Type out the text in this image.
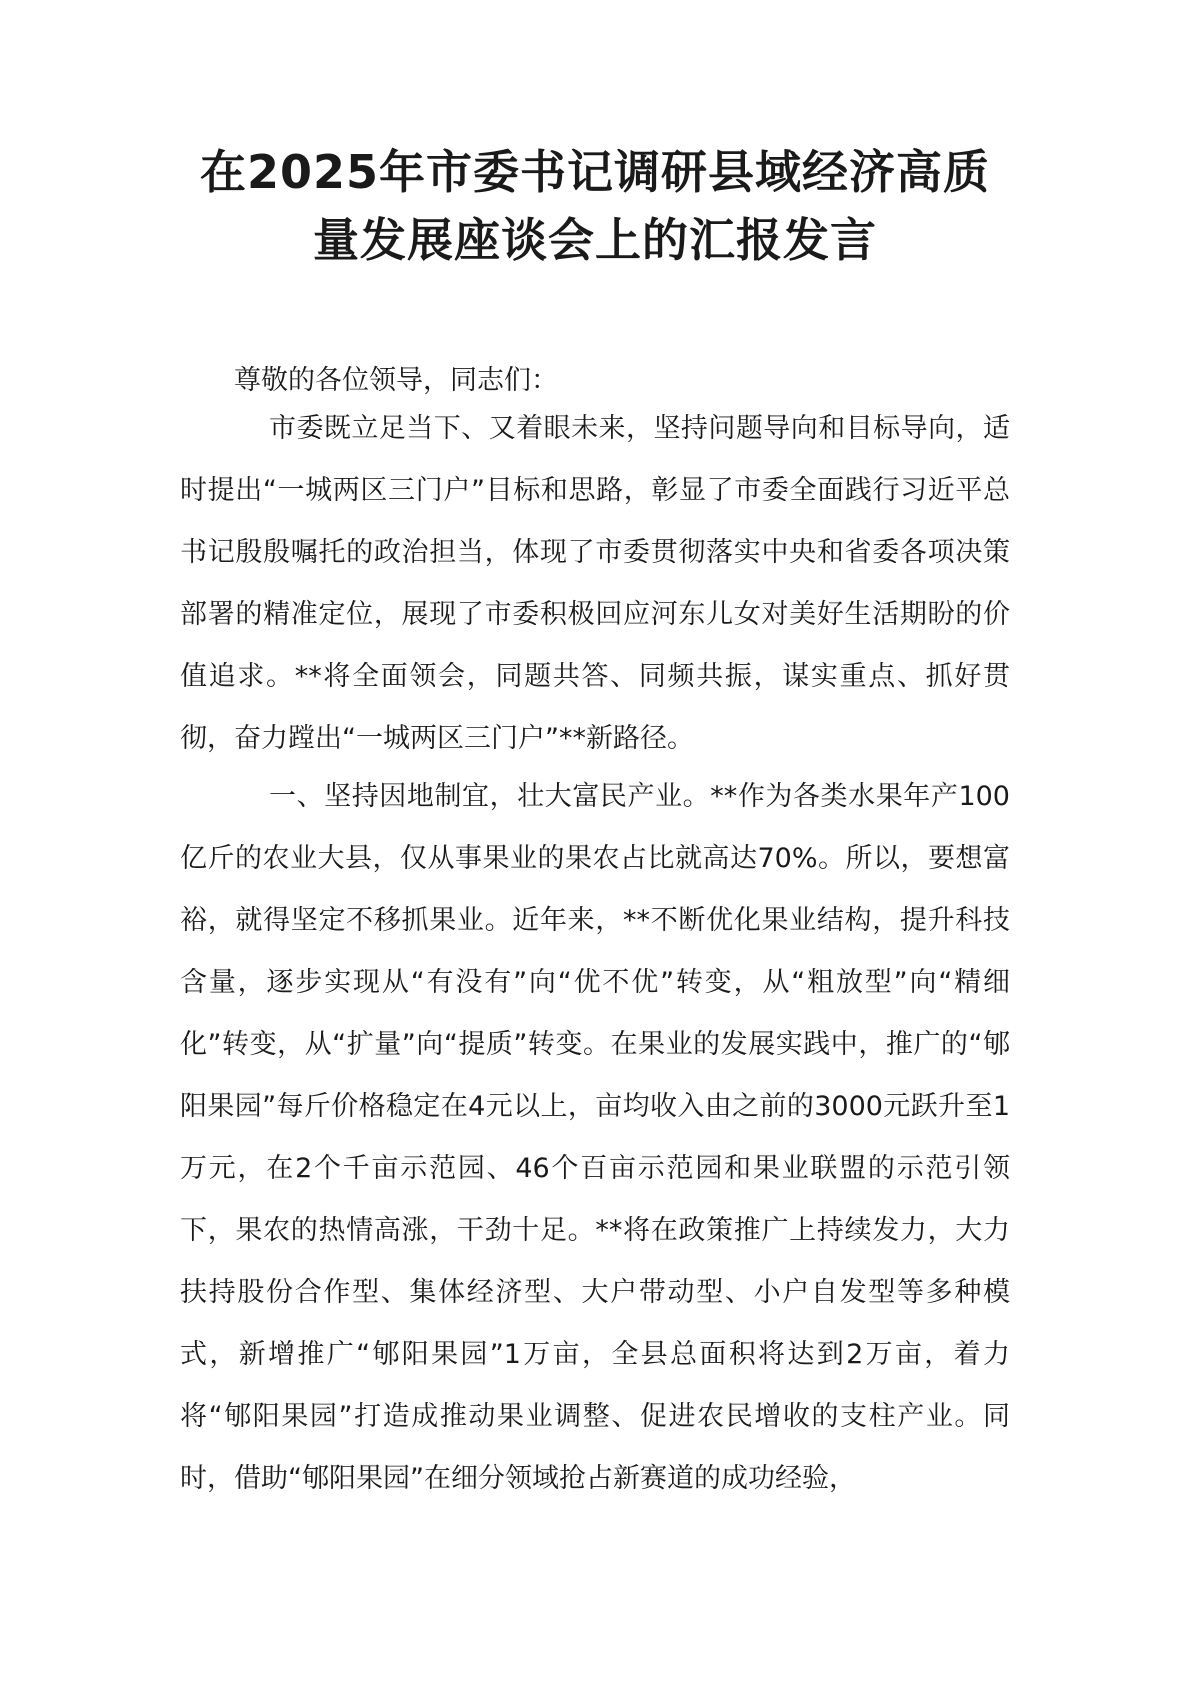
在2025年市委书记调研县域经济高质量发展座谈会上的汇报发言

尊敬的各位领导，同志们：

市委既立足当下、又着眼未来，坚持问题导向和目标导向，适时提出“一城两区三门户”目标和思路，彰显了市委全面践行习近平总书记殷殷嘱托的政治担当，体现了市委贯彻落实中央和省委各项决策部署的精准定位，展现了市委积极回应河东儿女对美好生活期盼的价值追求。**将全面领会，同题共答、同频共振，谋实重点、抓好贯彻，奋力蹚出“一城两区三门户”**新路径。

一、坚持因地制宜，壮大富民产业。**作为各类水果年产100亿斤的农业大县，仅从事果业的果农占比就高达70%。所以，要想富裕，就得坚定不移抓果业。近年来，**不断优化果业结构，提升科技含量，逐步实现从“有没有”向“优不优”转变，从“粗放型”向“精细化”转变，从“扩量”向“提质”转变。在果业的发展实践中，推广的“郇阳果园”每斤价格稳定在4元以上，亩均收入由之前的3000元跃升至1万元，在2个千亩示范园、46个百亩示范园和果业联盟的示范引领下，果农的热情高涨，干劲十足。**将在政策推广上持续发力，大力扶持股份合作型、集体经济型、大户带动型、小户自发型等多种模式，新增推广“郇阳果园”1万亩，全县总面积将达到2万亩，着力将“郇阳果园”打造成推动果业调整、促进农民增收的支柱产业。同时，借助“郇阳果园”在细分领域抢占新赛道的成功经验，
